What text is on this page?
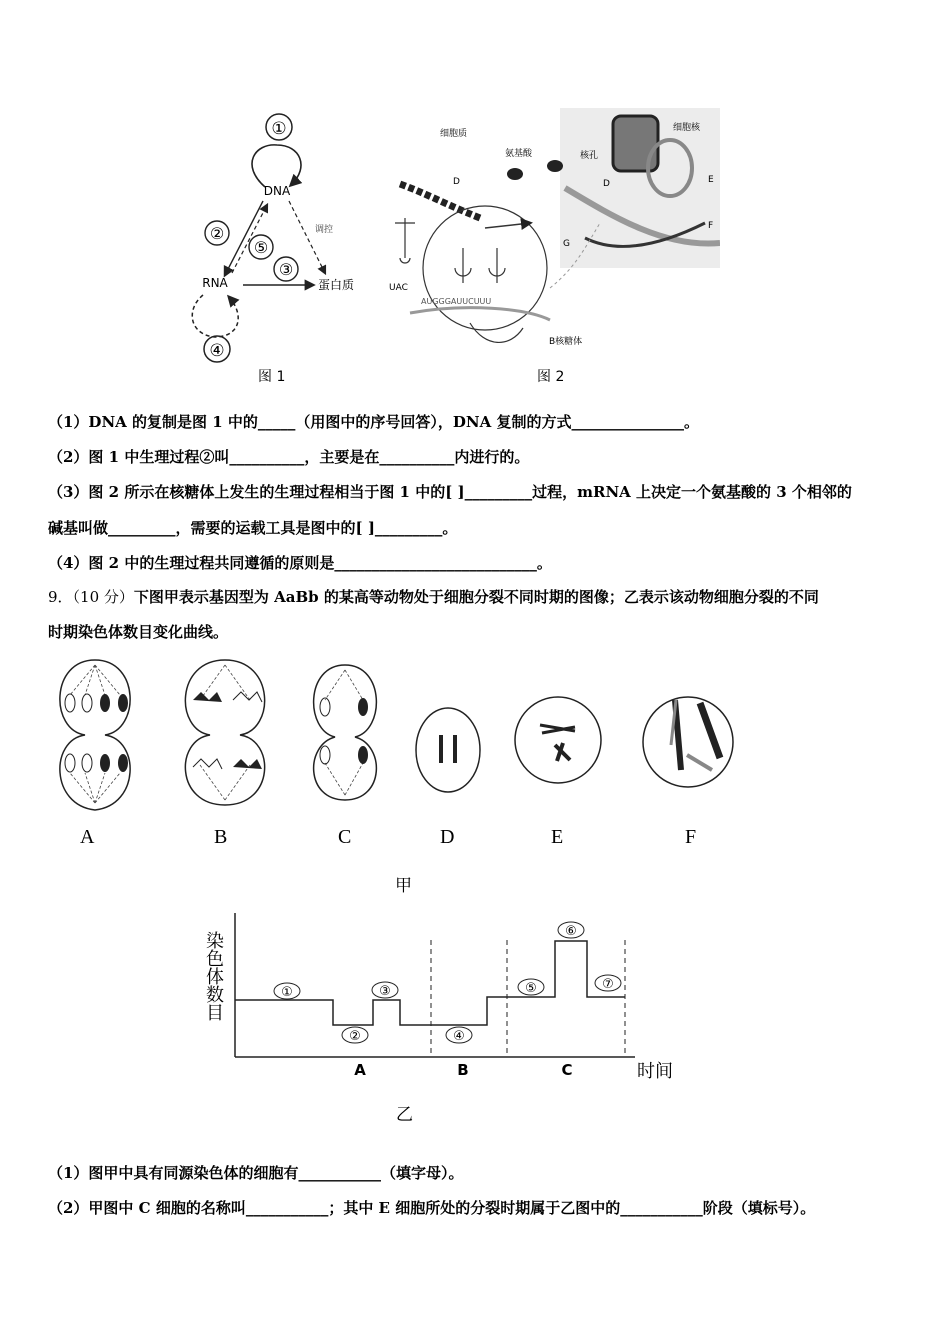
①
DNA
调控
②
⑤
③
RNA	蛋白质
④
图 1
细胞核
核孔
D	E
F
细胞质
氨基酸
D
G
UAC
AUGGGAUUCUUU
B核糖体
图 2
（1）DNA 的复制是图 1 中的_____（用图中的序号回答），DNA 复制的方式_______________。
（2）图 1 中生理过程②叫__________，主要是在__________内进行的。
（3）图 2 所示在核糖体上发生的生理过程相当于图 1 中的[ ]_________过程，mRNA 上决定一个氨基酸的 3 个相邻的
碱基叫做_________，需要的运载工具是图中的[ ]_________。
（4）图 2 中的生理过程共同遵循的原则是___________________________。
9．（10 分）下图甲表示基因型为 AaBb 的某高等动物处于细胞分裂不同时期的图像；乙表示该动物细胞分裂的不同
时期染色体数目变化曲线。
A	B	C	D	E	F
甲
①
②
③
④
⑤
⑥
⑦
A	B	C	时间
染
色
体
数
目
乙
（1）图甲中具有同源染色体的细胞有___________（填字母）。
（2）甲图中 C 细胞的名称叫___________；其中 E 细胞所处的分裂时期属于乙图中的___________阶段（填标号）。
